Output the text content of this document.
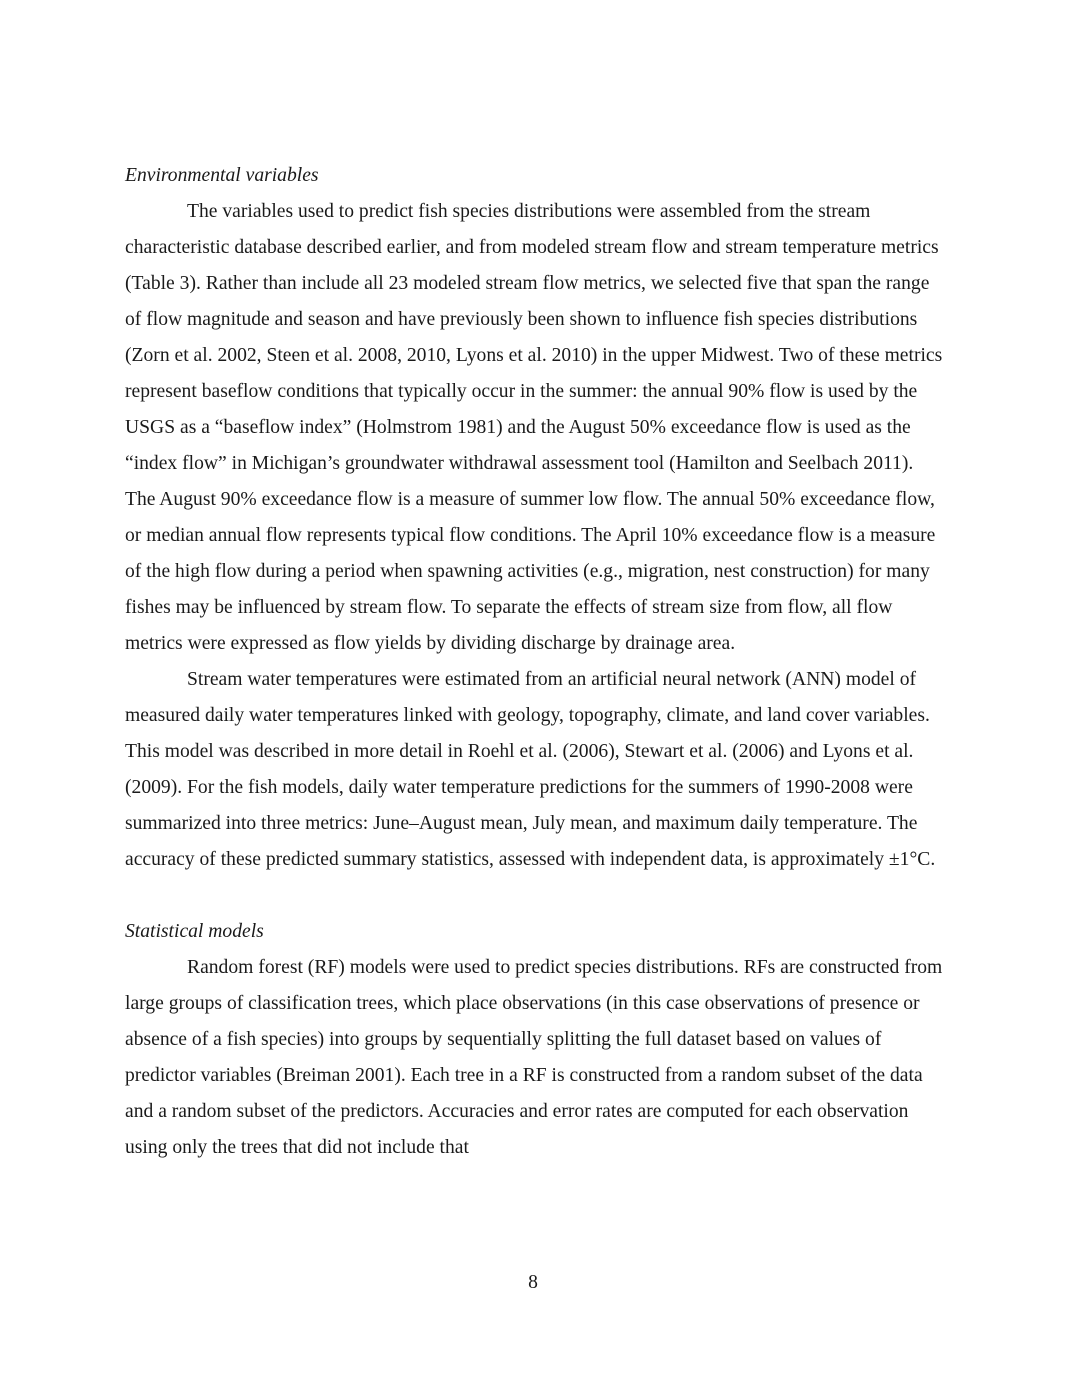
Environmental variables

The variables used to predict fish species distributions were assembled from the stream characteristic database described earlier, and from modeled stream flow and stream temperature metrics (Table 3). Rather than include all 23 modeled stream flow metrics, we selected five that span the range of flow magnitude and season and have previously been shown to influence fish species distributions (Zorn et al. 2002, Steen et al. 2008, 2010, Lyons et al. 2010) in the upper Midwest. Two of these metrics represent baseflow conditions that typically occur in the summer: the annual 90% flow is used by the USGS as a “baseflow index” (Holmstrom 1981) and the August 50% exceedance flow is used as the “index flow” in Michigan’s groundwater withdrawal assessment tool (Hamilton and Seelbach 2011). The August 90% exceedance flow is a measure of summer low flow. The annual 50% exceedance flow, or median annual flow represents typical flow conditions. The April 10% exceedance flow is a measure of the high flow during a period when spawning activities (e.g., migration, nest construction) for many fishes may be influenced by stream flow. To separate the effects of stream size from flow, all flow metrics were expressed as flow yields by dividing discharge by drainage area.

Stream water temperatures were estimated from an artificial neural network (ANN) model of measured daily water temperatures linked with geology, topography, climate, and land cover variables. This model was described in more detail in Roehl et al. (2006), Stewart et al. (2006) and Lyons et al. (2009). For the fish models, daily water temperature predictions for the summers of 1990-2008 were summarized into three metrics: June–August mean, July mean, and maximum daily temperature. The accuracy of these predicted summary statistics, assessed with independent data, is approximately ±1°C.

Statistical models

Random forest (RF) models were used to predict species distributions. RFs are constructed from large groups of classification trees, which place observations (in this case observations of presence or absence of a fish species) into groups by sequentially splitting the full dataset based on values of predictor variables (Breiman 2001). Each tree in a RF is constructed from a random subset of the data and a random subset of the predictors. Accuracies and error rates are computed for each observation using only the trees that did not include that

8
